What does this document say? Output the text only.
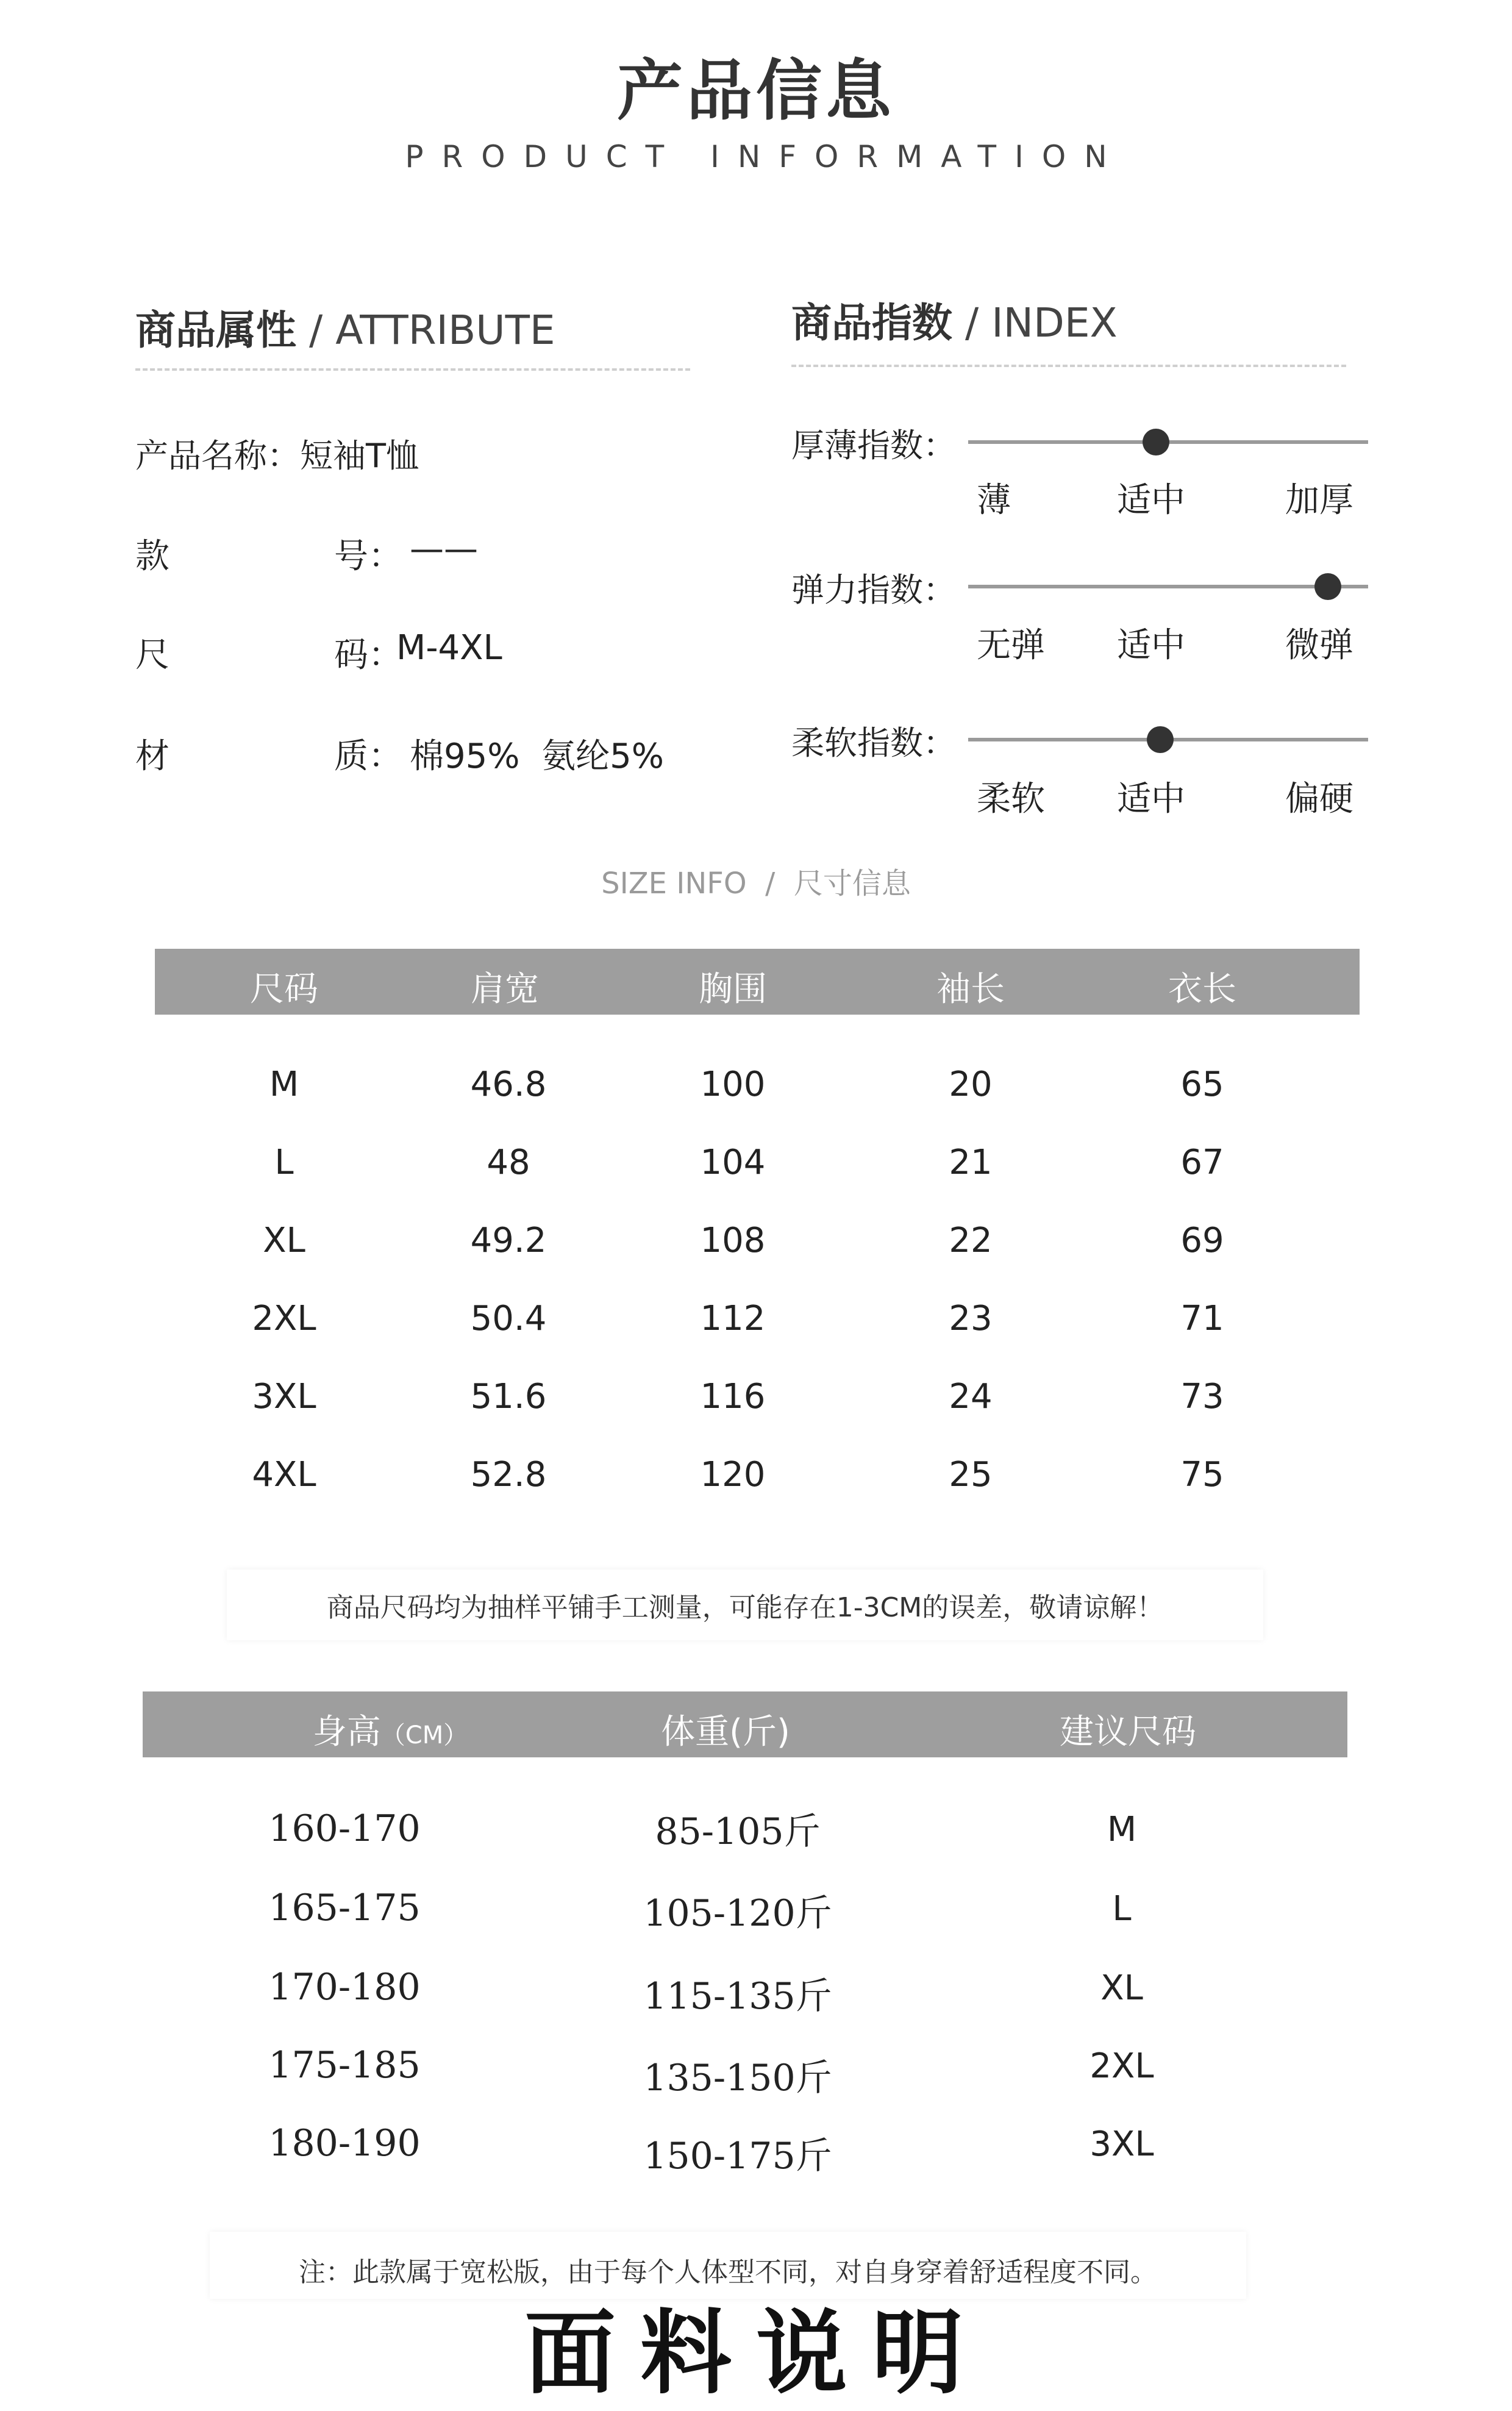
产品信息
PRODUCT INFORMATION
商品属性 / ATTRIBUTE
产品名称：短袖T恤
款	号： ——
尺	码：
M-4XL
材	质： 棉95%  氨纶5%
商品指数 / INDEX
厚薄指数：
薄	适中	加厚
弹力指数：
无弹 适中	微弹
柔软指数：
柔软 适中	偏硬
SIZE INFO  /  尺寸信息
尺码	肩宽	胸围	袖长	衣长
M	46.8	100	20	65
L	48	104	21	67
XL	49.2	108	22	69
2XL	50.4	112	23	71
3XL	51.6	116	24	73
4XL	52.8	120	25	75
商品尺码均为抽样平铺手工测量，可能存在1-3CM的误差，敬请谅解！
身高（CM）	体重(斤)	建议尺码
160-170	85-105斤	M
165-175	105-120斤	L
170-180	115-135斤	XL
175-185	135-150斤	2XL
180-190	150-175斤	3XL
注：此款属于宽松版，由于每个人体型不同，对自身穿着舒适程度不同。
面料说明
